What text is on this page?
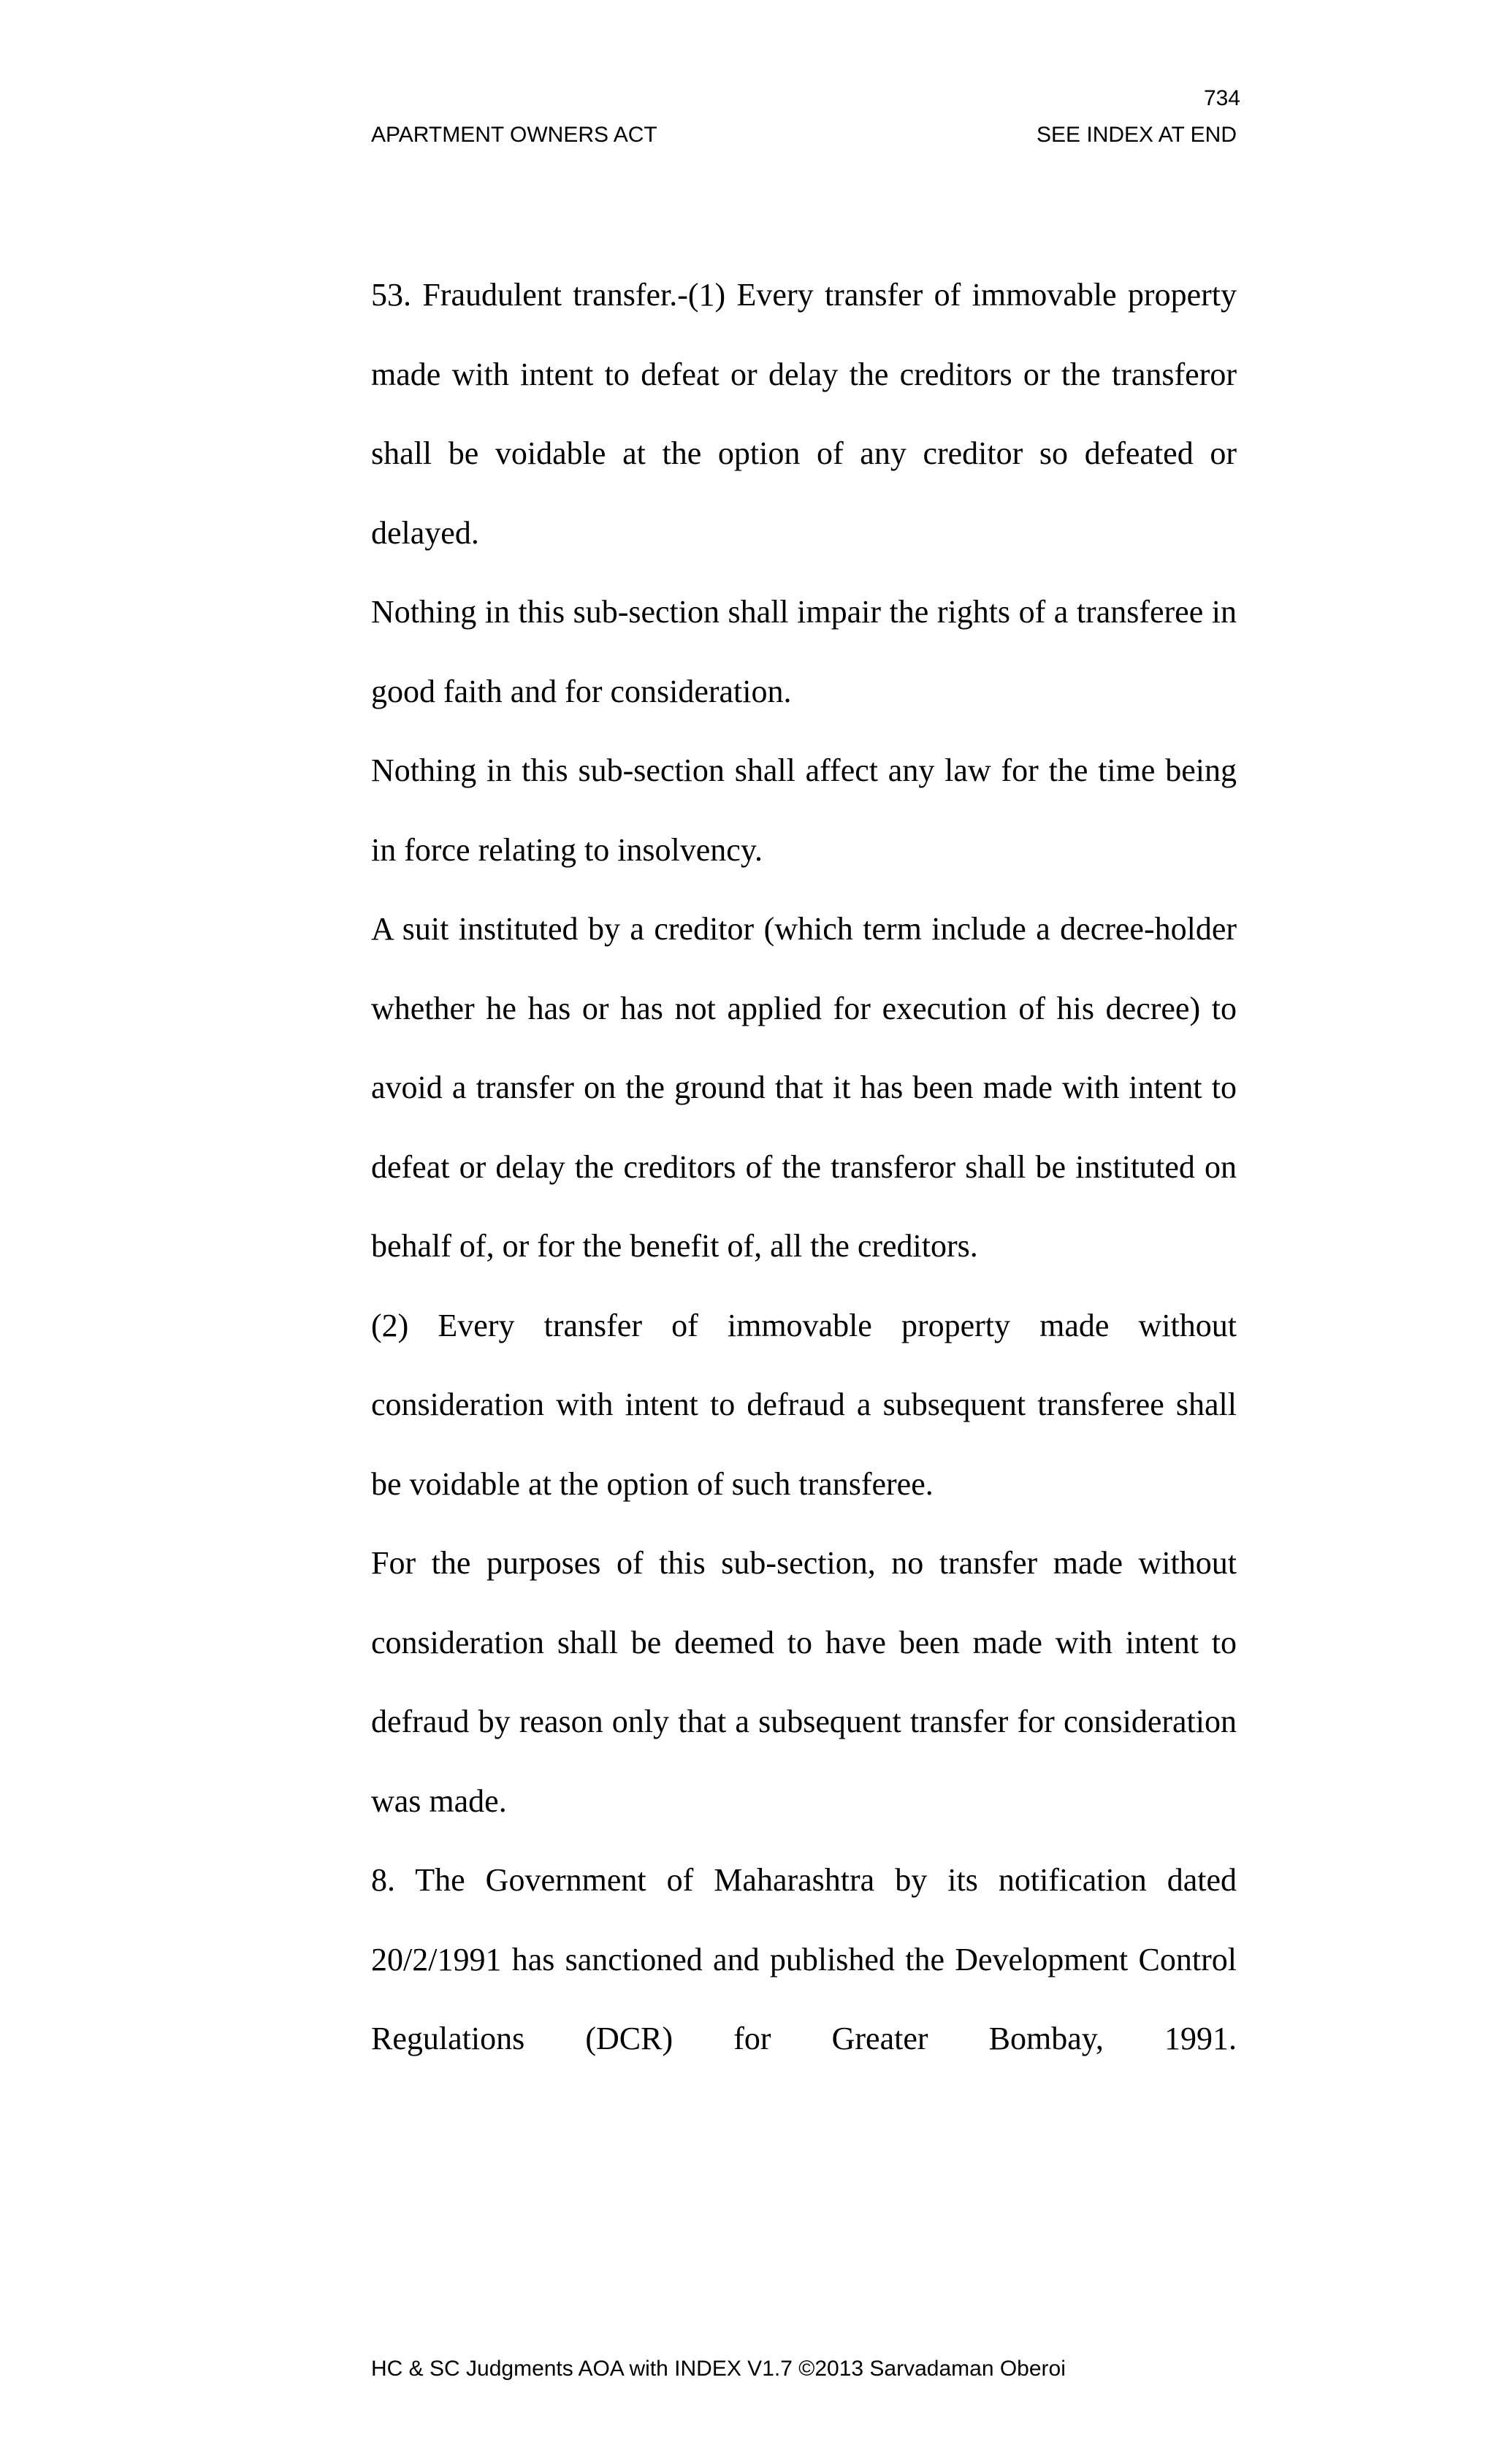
734
APARTMENT OWNERS ACT	SEE INDEX AT END

53. Fraudulent transfer.-(1) Every transfer of immovable property made with intent to defeat or delay the creditors or the transferor shall be voidable at the option of any creditor so defeated or delayed.

Nothing in this sub-section shall impair the rights of a transferee in good faith and for consideration.

Nothing in this sub-section shall affect any law for the time being in force relating to insolvency.

A suit instituted by a creditor (which term include a decree-holder whether he has or has not applied for execution of his decree) to avoid a transfer on the ground that it has been made with intent to defeat or delay the creditors of the transferor shall be instituted on behalf of, or for the benefit of, all the creditors.

(2) Every transfer of immovable property made without consideration with intent to defraud a subsequent transferee shall be voidable at the option of such transferee.

For the purposes of this sub-section, no transfer made without consideration shall be deemed to have been made with intent to defraud by reason only that a subsequent transfer for consideration was made.

8. The Government of Maharashtra by its notification dated 20/2/1991 has sanctioned and published the Development Control Regulations (DCR) for Greater Bombay, 1991.

HC & SC Judgments AOA with INDEX V1.7 ©2013 Sarvadaman Oberoi
